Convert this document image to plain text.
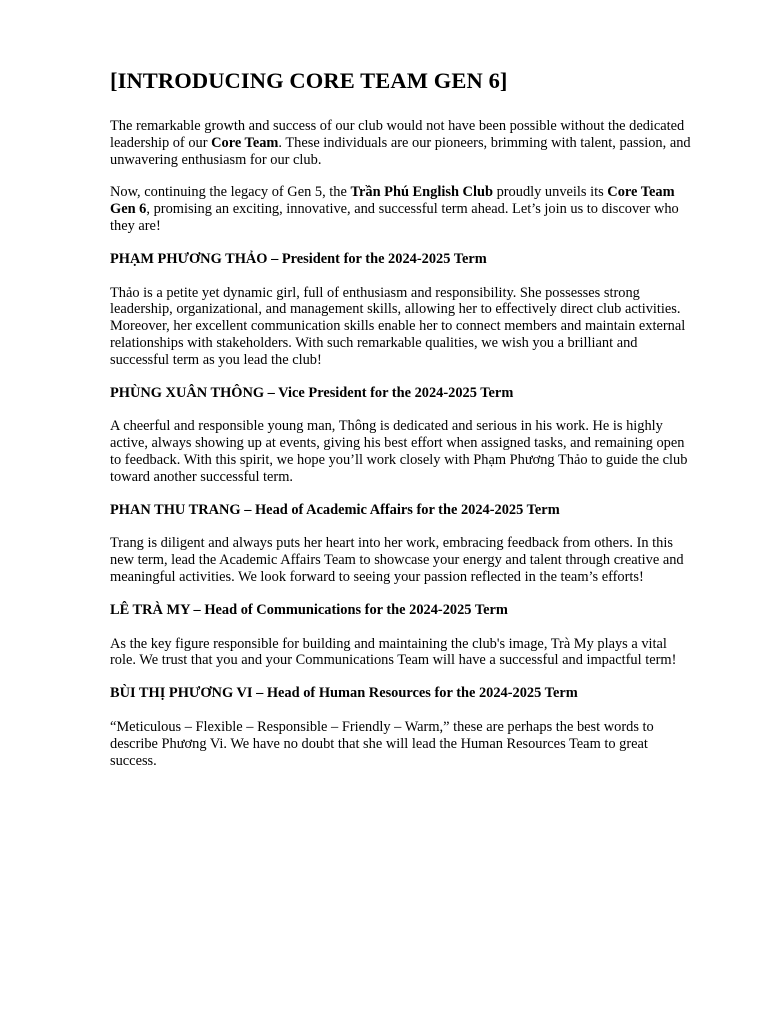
[INTRODUCING CORE TEAM GEN 6]

The remarkable growth and success of our club would not have been possible without the dedicated leadership of our Core Team. These individuals are our pioneers, brimming with talent, passion, and unwavering enthusiasm for our club.

Now, continuing the legacy of Gen 5, the Trần Phú English Club proudly unveils its Core Team Gen 6, promising an exciting, innovative, and successful term ahead. Let’s join us to discover who they are!

PHẠM PHƯƠNG THẢO – President for the 2024-2025 Term

Thảo is a petite yet dynamic girl, full of enthusiasm and responsibility. She possesses strong leadership, organizational, and management skills, allowing her to effectively direct club activities. Moreover, her excellent communication skills enable her to connect members and maintain external relationships with stakeholders. With such remarkable qualities, we wish you a brilliant and successful term as you lead the club!

PHÙNG XUÂN THÔNG – Vice President for the 2024-2025 Term

A cheerful and responsible young man, Thông is dedicated and serious in his work. He is highly active, always showing up at events, giving his best effort when assigned tasks, and remaining open to feedback. With this spirit, we hope you’ll work closely with Phạm Phương Thảo to guide the club toward another successful term.

PHAN THU TRANG – Head of Academic Affairs for the 2024-2025 Term

Trang is diligent and always puts her heart into her work, embracing feedback from others. In this new term, lead the Academic Affairs Team to showcase your energy and talent through creative and meaningful activities. We look forward to seeing your passion reflected in the team’s efforts!

LÊ TRÀ MY – Head of Communications for the 2024-2025 Term

As the key figure responsible for building and maintaining the club's image, Trà My plays a vital role. We trust that you and your Communications Team will have a successful and impactful term!

BÙI THỊ PHƯƠNG VI – Head of Human Resources for the 2024-2025 Term

“Meticulous – Flexible – Responsible – Friendly – Warm,” these are perhaps the best words to describe Phương Vi. We have no doubt that she will lead the Human Resources Team to great success.
